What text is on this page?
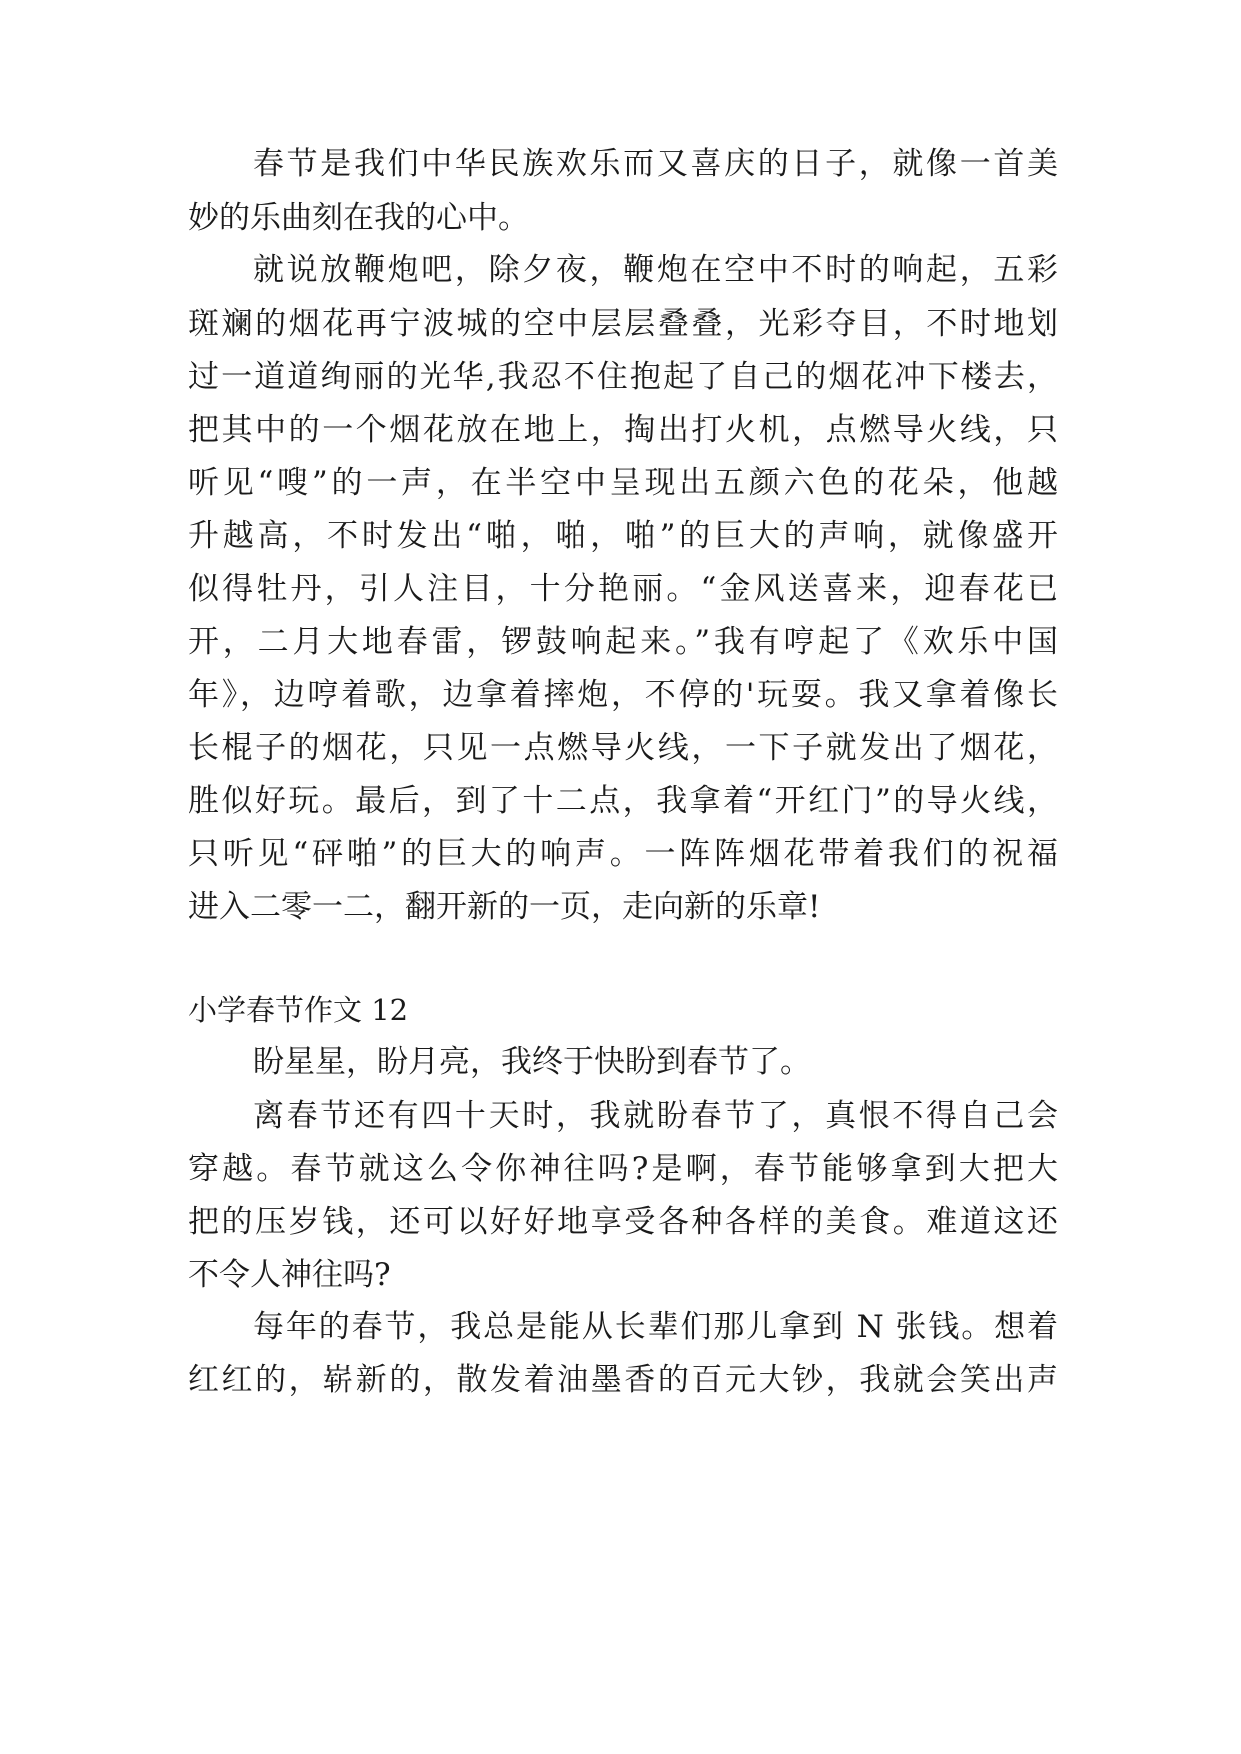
春节是我们中华民族欢乐而又喜庆的日子，就像一首美

妙的乐曲刻在我的心中。

就说放鞭炮吧，除夕夜，鞭炮在空中不时的响起，五彩

斑斓的烟花再宁波城的空中层层叠叠，光彩夺目，不时地划

过一道道绚丽的光华,我忍不住抱起了自己的烟花冲下楼去，

把其中的一个烟花放在地上，掏出打火机，点燃导火线，只

听见“嗖”的一声，在半空中呈现出五颜六色的花朵，他越

升越高，不时发出“啪，啪，啪”的巨大的声响，就像盛开

似得牡丹，引人注目，十分艳丽。“金风送喜来，迎春花已

开，二月大地春雷，锣鼓响起来。”我有哼起了《欢乐中国

年》，边哼着歌，边拿着摔炮，不停的'玩耍。我又拿着像长

长棍子的烟花，只见一点燃导火线，一下子就发出了烟花，

胜似好玩。最后，到了十二点，我拿着“开红门”的导火线，

只听见“砰啪”的巨大的响声。一阵阵烟花带着我们的祝福

进入二零一二，翻开新的一页，走向新的乐章!

小学春节作文 12

盼星星，盼月亮，我终于快盼到春节了。

离春节还有四十天时，我就盼春节了，真恨不得自己会

穿越。春节就这么令你神往吗?是啊，春节能够拿到大把大

把的压岁钱，还可以好好地享受各种各样的美食。难道这还

不令人神往吗?

每年的春节，我总是能从长辈们那儿拿到 N 张钱。想着

红红的，崭新的，散发着油墨香的百元大钞，我就会笑出声
